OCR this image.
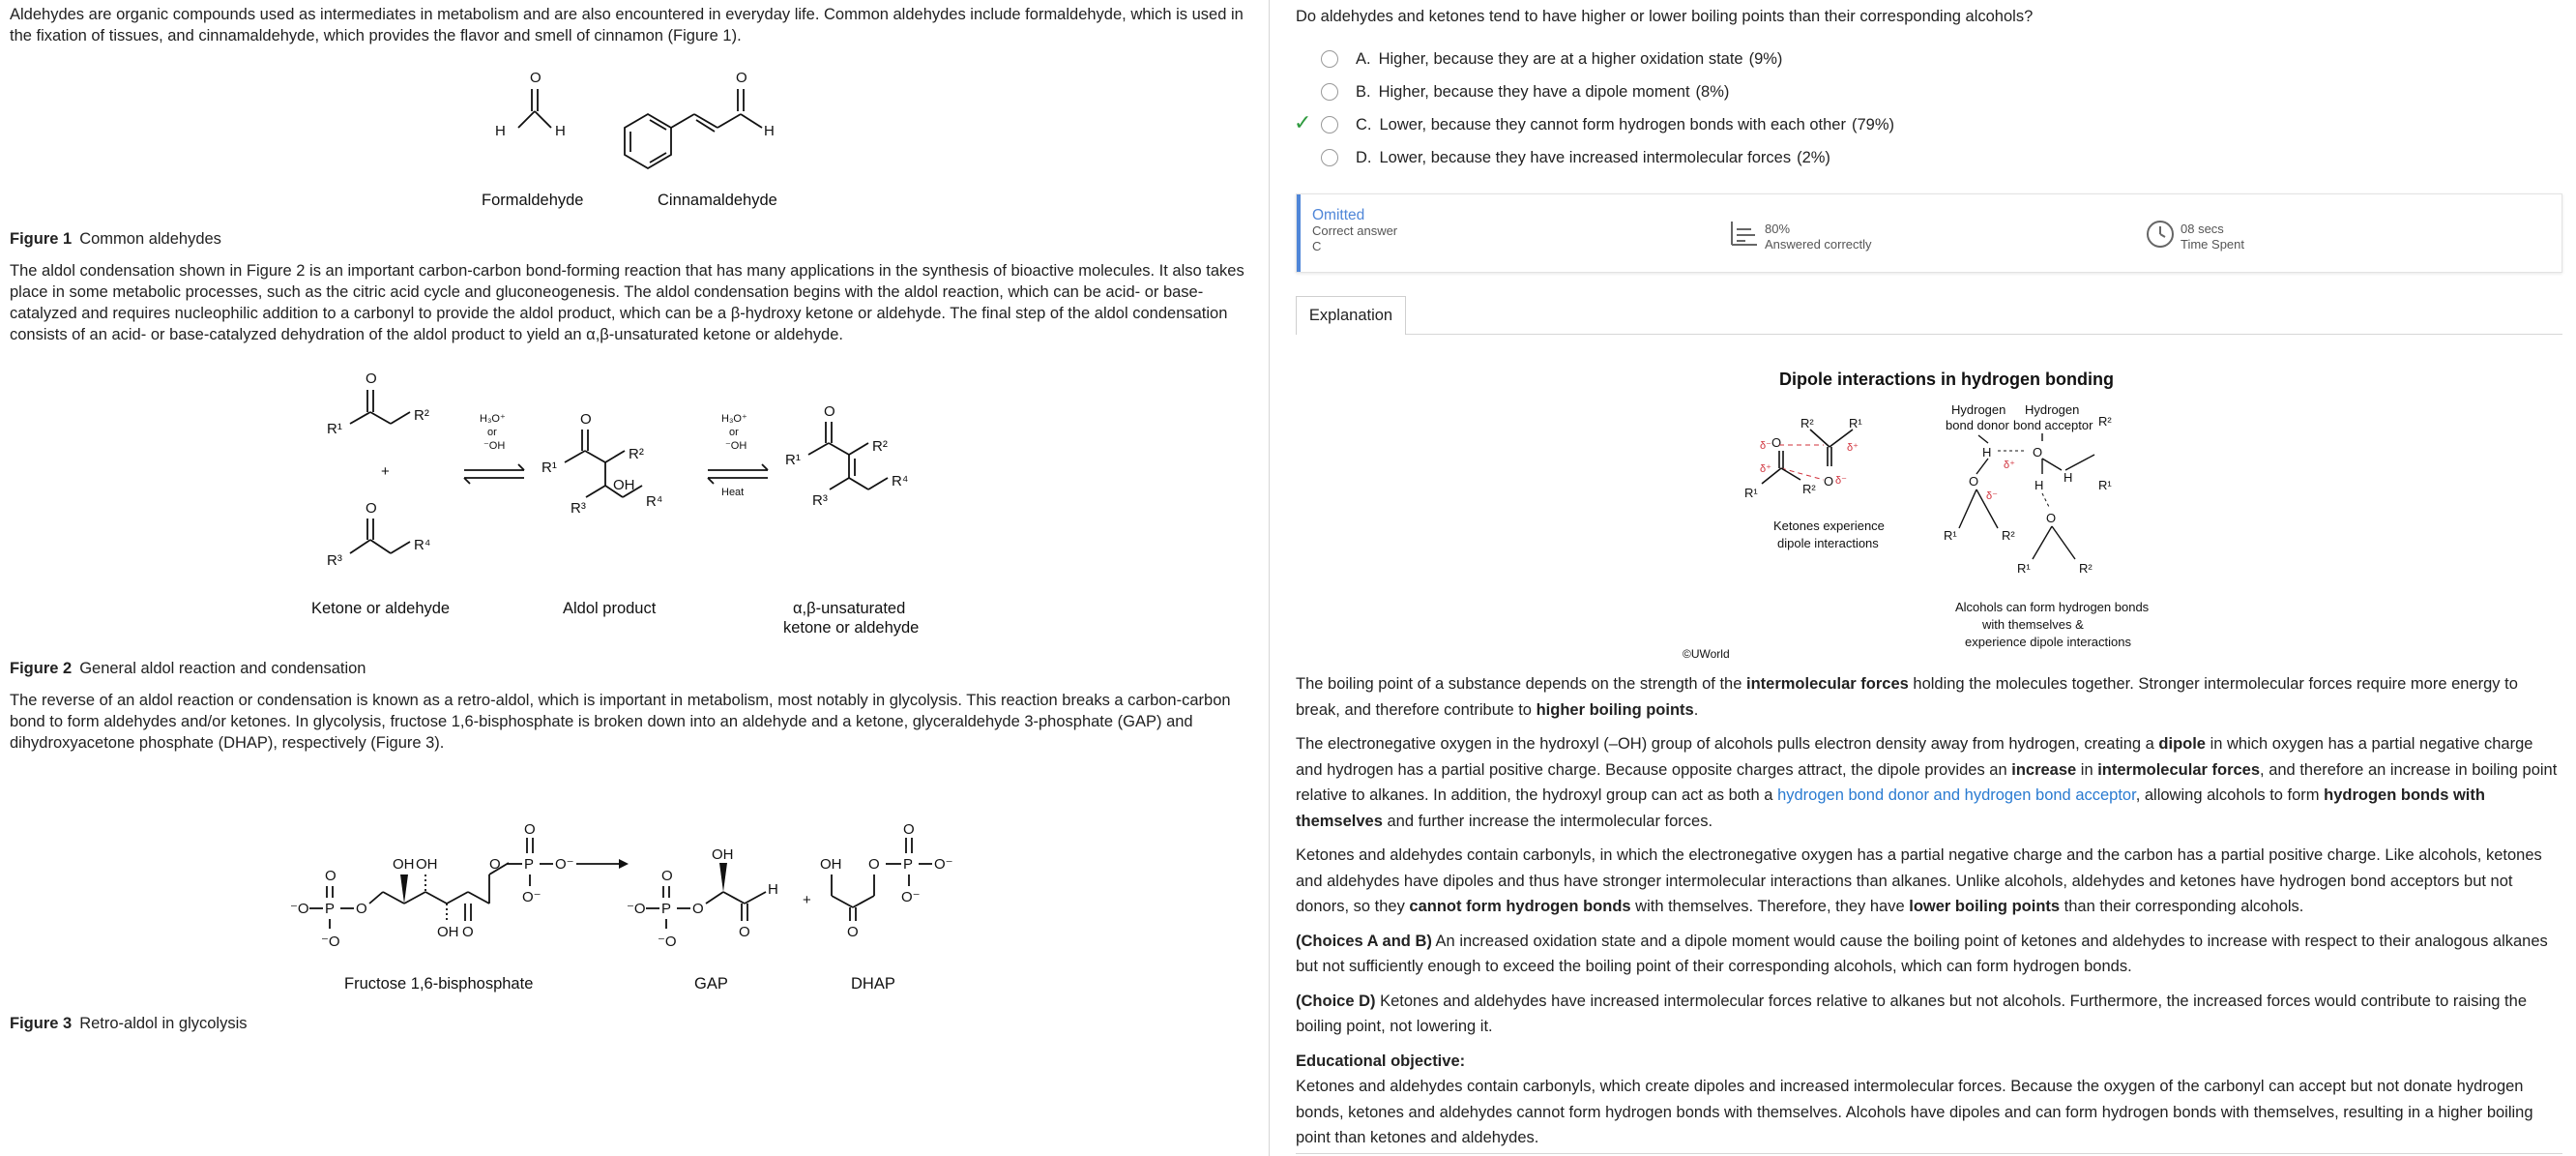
Aldehydes are organic compounds used as intermediates in metabolism and are also encountered in everyday life. Common aldehydes include formaldehyde, which is used in the fixation of tissues, and cinnamaldehyde, which provides the flavor and smell of cinnamon (Figure 1).

O
H	H
Formaldehyde
O
H
Cinnamaldehyde
Figure 1 Common aldehydes

The aldol condensation shown in Figure 2 is an important carbon-carbon bond-forming reaction that has many applications in the synthesis of bioactive molecules. It also takes place in some metabolic processes, such as the citric acid cycle and gluconeogenesis. The aldol condensation begins with the aldol reaction, which can be acid- or base-catalyzed and requires nucleophilic addition to a carbonyl to provide the aldol product, which can be a β-hydroxy ketone or aldehyde. The final step of the aldol condensation consists of an acid- or base-catalyzed dehydration of the aldol product to yield an α,β-unsaturated ketone or aldehyde.

O
R¹
R²
+
O
R³
R⁴
Ketone or aldehyde
H₃O⁺
or
⁻OH
O
R¹
R²
OH
R³	R⁴
Aldol product
H₃O⁺
or
⁻OH
Heat
O
R¹
R²
R³
R⁴
α,β-unsaturated
ketone or aldehyde
Figure 2 General aldol reaction and condensation

The reverse of an aldol reaction or condensation is known as a retro-aldol, which is important in metabolism, most notably in glycolysis. This reaction breaks a carbon-carbon bond to form aldehydes and/or ketones. In glycolysis, fructose 1,6-bisphosphate is broken down into an aldehyde and a ketone, glyceraldehyde 3-phosphate (GAP) and dihydroxyacetone phosphate (DHAP), respectively (Figure 3).

⁻O P O
O
⁻O
OH OH
OH O
O P O⁻
O
O⁻
Fructose 1,6-bisphosphate
⁻O P O
O
⁻O
OH
O
H
+
OH
O
O P O⁻
O
O⁻
GAP	DHAP
Figure 3 Retro-aldol in glycolysis
Do aldehydes and ketones tend to have higher or lower boiling points than their corresponding alcohols?
A. Higher, because they are at a higher oxidation state (9%)
B. Higher, because they have a dipole moment (8%)
✓	C. Lower, because they cannot form hydrogen bonds with each other (79%)
D. Lower, because they have increased intermolecular forces (2%)
Omitted
Correct answer
C
80%
Answered correctly
08 secs
Time Spent
Explanation
Dipole interactions in hydrogen bonding
R²	R¹
O
δ⁻	δ⁺
δ⁺
O δ⁻
R¹	R²
Ketones experience
dipole interactions
Hydrogen
bond donor
Hydrogen
bond acceptor R²
H	O
δ⁺
H
H	R¹
O
δ⁻
R¹	R²
O
R¹	R²
Alcohols can form hydrogen bonds
with themselves &
experience dipole interactions
©UWorld

The boiling point of a substance depends on the strength of the intermolecular forces holding the molecules together. Stronger intermolecular forces require more energy to break, and therefore contribute to higher boiling points.

The electronegative oxygen in the hydroxyl (–OH) group of alcohols pulls electron density away from hydrogen, creating a dipole in which oxygen has a partial negative charge and hydrogen has a partial positive charge. Because opposite charges attract, the dipole provides an increase in intermolecular forces, and therefore an increase in boiling point relative to alkanes. In addition, the hydroxyl group can act as both a hydrogen bond donor and hydrogen bond acceptor, allowing alcohols to form hydrogen bonds with themselves and further increase the intermolecular forces.

Ketones and aldehydes contain carbonyls, in which the electronegative oxygen has a partial negative charge and the carbon has a partial positive charge. Like alcohols, ketones and aldehydes have dipoles and thus have stronger intermolecular interactions than alkanes. Unlike alcohols, aldehydes and ketones have hydrogen bond acceptors but not donors, so they cannot form hydrogen bonds with themselves. Therefore, they have lower boiling points than their corresponding alcohols.

(Choices A and B) An increased oxidation state and a dipole moment would cause the boiling point of ketones and aldehydes to increase with respect to their analogous alkanes but not sufficiently enough to exceed the boiling point of their corresponding alcohols, which can form hydrogen bonds.

(Choice D) Ketones and aldehydes have increased intermolecular forces relative to alkanes but not alcohols. Furthermore, the increased forces would contribute to raising the boiling point, not lowering it.

Educational objective:

Ketones and aldehydes contain carbonyls, which create dipoles and increased intermolecular forces. Because the oxygen of the carbonyl can accept but not donate hydrogen bonds, ketones and aldehydes cannot form hydrogen bonds with themselves. Alcohols have dipoles and can form hydrogen bonds with themselves, resulting in a higher boiling point than ketones and aldehydes.
